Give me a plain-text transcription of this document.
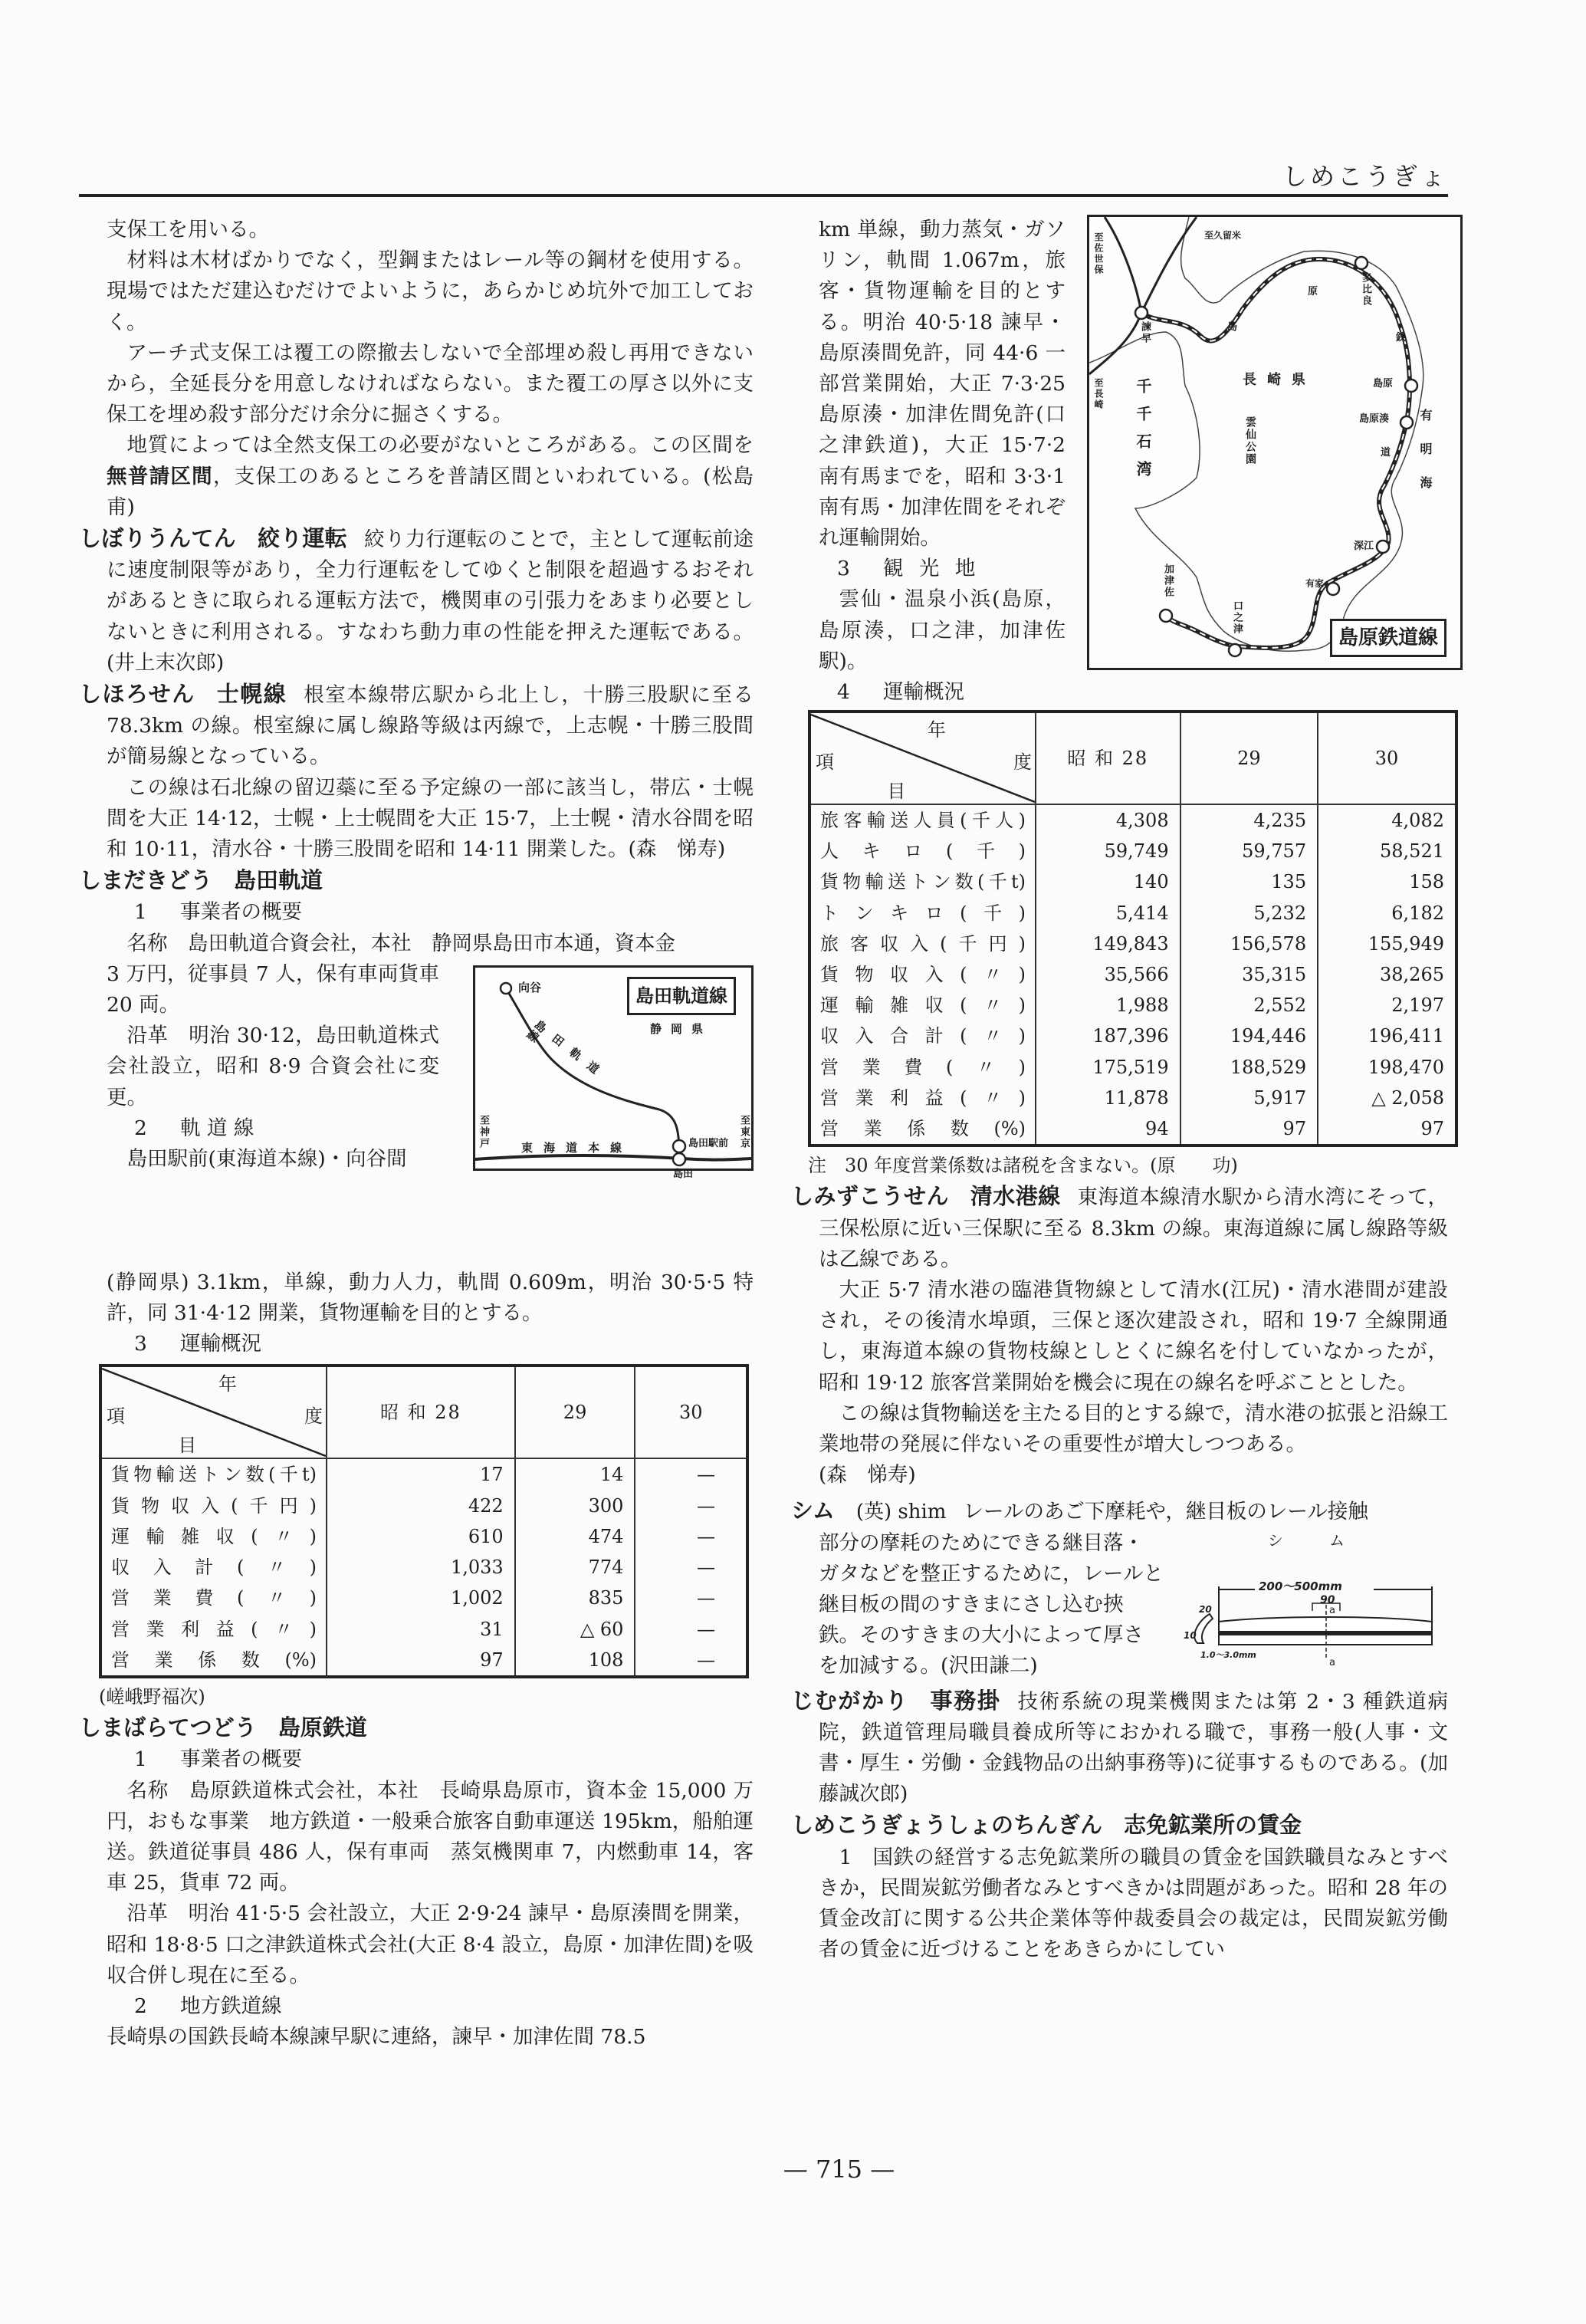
しめこうぎょ

支保工を用いる。

材料は木材ばかりでなく，型鋼またはレール等の鋼材を使用する。現場ではただ建込むだけでよいように，あらかじめ坑外で加工しておく。

アーチ式支保工は覆工の際撤去しないで全部埋め殺し再用できないから，全延長分を用意しなければならない。また覆工の厚さ以外に支保工を埋め殺す部分だけ余分に掘さくする。

地質によっては全然支保工の必要がないところがある。この区間を無普請区間，支保工のあるところを普請区間といわれている。(松島　甫)

しぼりうんてん 絞り運転 絞り力行運転のことで，主として運転前途に速度制限等があり，全力行運転をしてゆくと制限を超過するおそれがあるときに取られる運転方法で，機関車の引張力をあまり必要としないときに利用される。すなわち動力車の性能を押えた運転である。(井上末次郎)

しほろせん 士幌線 根室本線帯広駅から北上し，十勝三股駅に至る 78.3km の線。根室線に属し線路等級は丙線で，上志幌・十勝三股間が簡易線となっている。

この線は石北線の留辺蘂に至る予定線の一部に該当し，帯広・士幌間を大正 14·12，士幌・上士幌間を大正 15·7，上士幌・清水谷間を昭和 10·11，清水谷・十勝三股間を昭和 14·11 開業した。(森　悌寿)

しまだきどう 島田軌道

1 事業者の概要

名称　島田軌道合資会社，本社　静岡県島田市本通，資本金

3 万円，従事員 7 人，保有車両貨車 20 両。

沿革　明治 30·12，島田軌道株式会社設立，昭和 8·9 合資会社に変更。

2 軌 道 線

島田駅前(東海道本線)・向谷間

島田軌道線
向谷
静岡県
島田軌道線
島田駅前
島田
東海道本線
至神戸	至東京

(静岡県) 3.1km，単線，動力人力，軌間 0.609m，明治 30·5·5 特許，同 31·4·12 開業，貨物運輸を目的とする。

3 運輸概況

年
度
項
目	昭 和 28	29	30
貨物輸送トン数(千t)	17	14	—
貨物収入(千円)	422	300	—
運輸雑収(〃)	610	474	—
収入計(〃)	1,033	774	—
営業費(〃)	1,002	835	—
営業利益(〃)	31	△ 60	—
営業係数(%)	97	108	—

(嵯峨野福次)

しまばらてつどう 島原鉄道

1 事業者の概要

名称　島原鉄道株式会社，本社　長崎県島原市，資本金 15,000 万円，おもな事業　地方鉄道・一般乗合旅客自動車運送 195km，船舶運送。鉄道従事員 486 人，保有車両　蒸気機関車 7，内燃動車 14，客車 25，貨車 72 両。

沿革　明治 41·5·5 会社設立，大正 2·9·24 諫早・島原湊間を開業，昭和 18·8·5 口之津鉄道株式会社(大正 8·4 設立，島原・加津佐間)を吸収合併し現在に至る。

2 地方鉄道線

長崎県の国鉄長崎本線諫早駅に連絡，諫早・加津佐間 78.5

km 単線，動力蒸気・ガソリン，軌間 1.067m，旅客・貨物運輸を目的とする。明治 40·5·18 諫早・島原湊間免許，同 44·6 一部営業開始，大正 7·3·25 島原湊・加津佐間免許(口之津鉄道)，大正 15·7·2 南有馬までを，昭和 3·3·1 南有馬・加津佐間をそれぞれ運輸開始。

3 観 光 地

雲仙・温泉小浜(島原，島原湊，口之津，加津佐駅)。

4 運輸概況

島原鉄道線
長崎県
千千石湾	雲仙公園	有明海
至久留米
至佐世保
至長崎
諫早
多比良
島原
島原湊
深江
有家
口之津
加津佐
島
原
鉄
道
年
度
項
目	昭 和 28	29	30
旅客輸送人員(千人)	4,308	4,235	4,082
人キロ(千)	59,749	59,757	58,521
貨物輸送トン数(千t)	140	135	158
トンキロ(千)	5,414	5,232	6,182
旅客収入(千円)	149,843	156,578	155,949
貨物収入(〃)	35,566	35,315	38,265
運輸雑収(〃)	1,988	2,552	2,197
収入合計(〃)	187,396	194,446	196,411
営業費(〃)	175,519	188,529	198,470
営業利益(〃)	11,878	5,917	△ 2,058
営業係数(%)	94	97	97

注　30 年度営業係数は諸税を含まない。(原　　功)

しみずこうせん 清水港線 東海道本線清水駅から清水湾にそって，三保松原に近い三保駅に至る 8.3km の線。東海道線に属し線路等級は乙線である。

大正 5·7 清水港の臨港貨物線として清水(江尻)・清水港間が建設され，その後清水埠頭，三保と逐次建設され，昭和 19·7 全線開通し，東海道本線の貨物枝線としとくに線名を付していなかったが，昭和 19·12 旅客営業開始を機会に現在の線名を呼ぶこととした。

この線は貨物輸送を主たる目的とする線で，清水港の拡張と沿線工業地帯の発展に伴ないその重要性が増大しつつある。

(森　悌寿)

シム (英) shim レールのあご下摩耗や，継目板のレール接触

部分の摩耗のためにできる継目落・ガタなどを整正するために，レールと継目板の間のすきまにさし込む挾鉄。そのすきまの大小によって厚さを加減する。(沢田謙二)

シ　ム
200～500mm
90
20
10
1.0～3.0mm
a
a

じむがかり 事務掛 技術系統の現業機関または第 2・3 種鉄道病院，鉄道管理局職員養成所等におかれる職で，事務一般(人事・文書・厚生・労働・金銭物品の出納事務等)に従事するものである。(加藤誠次郎)

しめこうぎょうしょのちんぎん 志免鉱業所の賃金

1　国鉄の経営する志免鉱業所の職員の賃金を国鉄職員なみとすべきか，民間炭鉱労働者なみとすべきかは問題があった。昭和 28 年の賃金改訂に関する公共企業体等仲裁委員会の裁定は，民間炭鉱労働者の賃金に近づけることをあきらかにしてい

— 715 —
